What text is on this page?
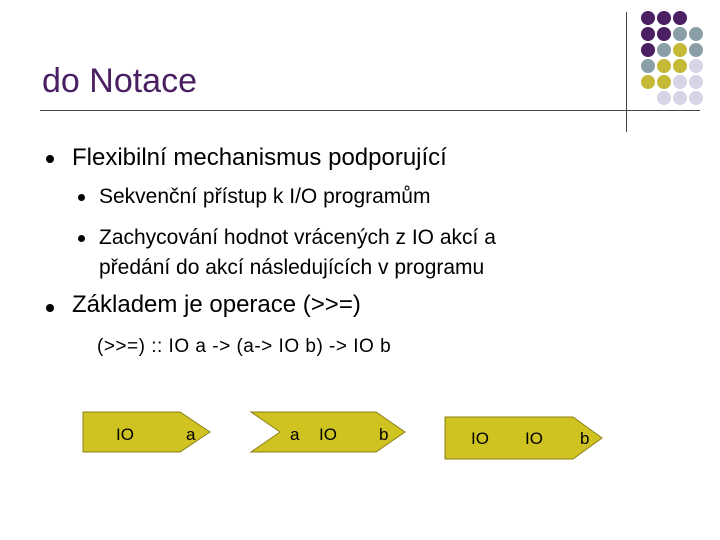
do Notace
Flexibilní mechanismus podporující
Sekvenční přístup k I/O programům
Zachycování hodnot vrácených z IO akcí a
předání do akcí následujících v programu
Základem je operace (>>=)
(>>=) :: IO a -> (a-> IO b) -> IO b
IO	a	a IO b	IO IO b
